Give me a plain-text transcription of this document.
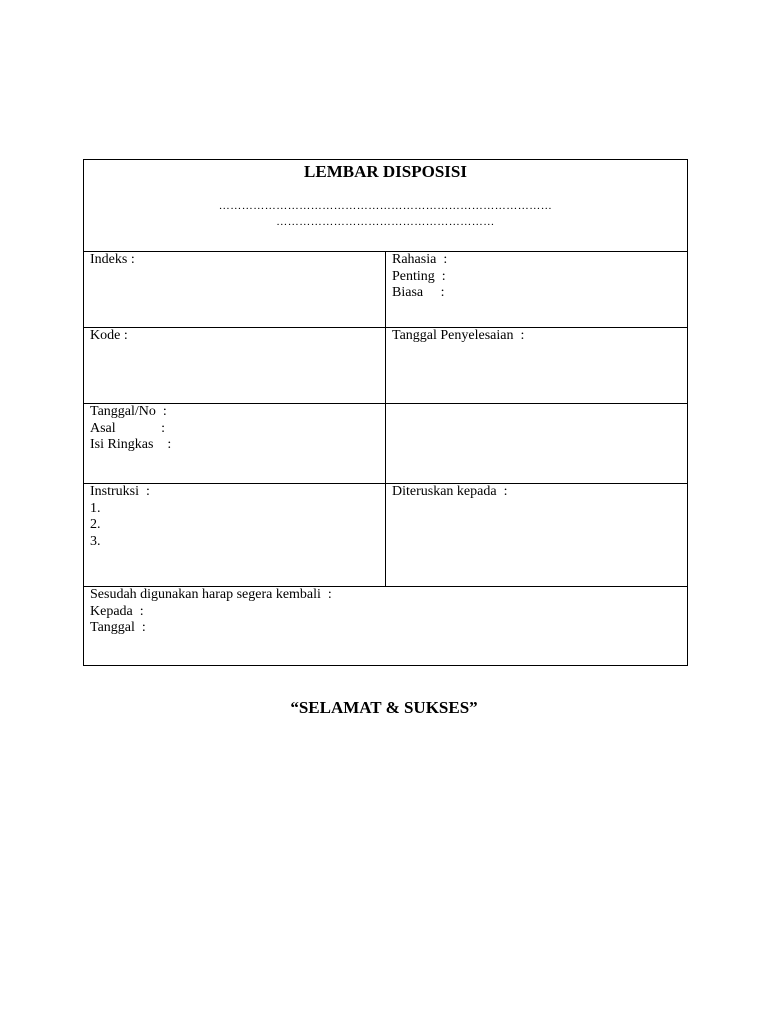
LEMBAR DISPOSISI
……………………………………………………………………………
…………………………………………………
Indeks :	Rahasia  :
Penting  :
Biasa     :
Kode :	Tanggal Penyelesaian  :
Tanggal/No  :
Asal             :
Isi Ringkas    :
Instruksi  :
1.
2.
3.
Diteruskan kepada  :
Sesudah digunakan harap segera kembali  :
Kepada  :
Tanggal  :
“SELAMAT & SUKSES”
